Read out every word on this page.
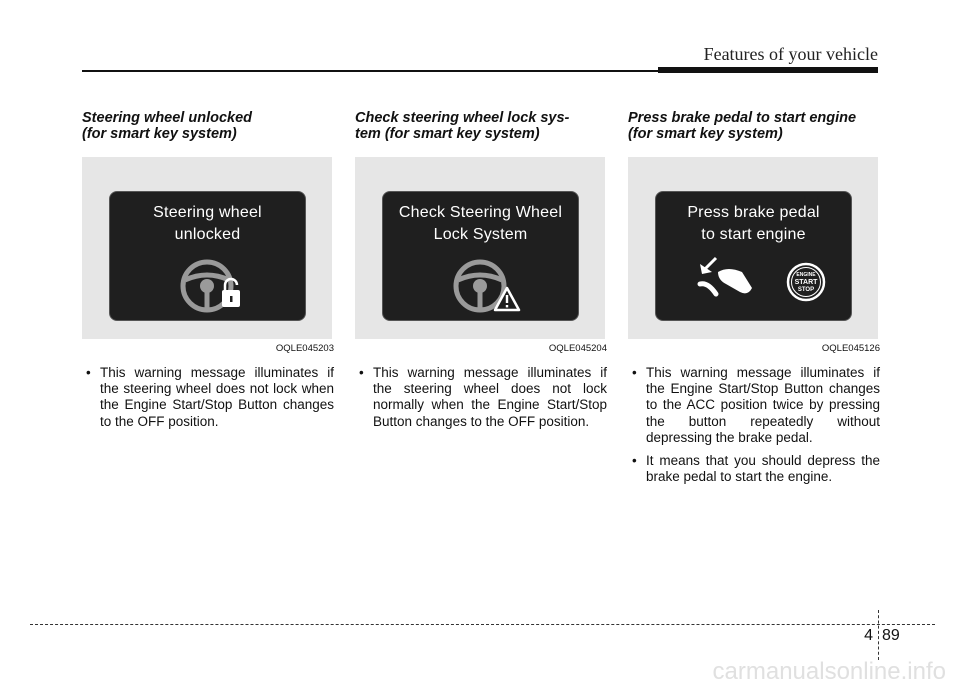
Features of your vehicle
Steering wheel unlocked
(for smart key system)
Steering wheel
unlocked
OQLE045203
• This warning message illuminates if the steering wheel does not lock when the Engine Start/Stop Button changes to the OFF position.
Check steering wheel lock sys-
tem (for smart key system)
Check Steering Wheel
Lock System
OQLE045204
• This warning message illuminates if the steering wheel does not lock normally when the Engine Start/Stop Button changes to the OFF position.
Press brake pedal to start engine
(for smart key system)
Press brake pedal
to start engine
ENGINE
START
STOP
OQLE045126
• This warning message illuminates if the Engine Start/Stop Button changes to the ACC position twice by pressing the button repeatedly without depressing the brake pedal.
• It means that you should depress the brake pedal to start the engine.
4 89
carmanualsonline.info
